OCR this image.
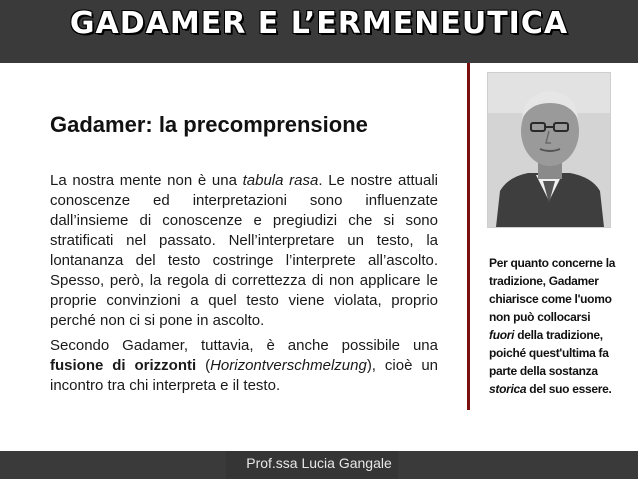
GADAMER E L’ERMENEUTICA
Gadamer: la precomprensione

La nostra mente non è una tabula rasa. Le nostre attuali conoscenze ed interpretazioni sono influenzate dall’insieme di conoscenze e pregiudizi che si sono stratificati nel passato. Nell’interpretare un testo, la lontananza del testo costringe l’interprete all’ascolto. Spesso, però, la regola di correttezza di non applicare le proprie convinzioni a quel testo viene violata, proprio perché non ci si pone in ascolto.

Secondo Gadamer, tuttavia, è anche possibile una fusione di orizzonti (Horizontverschmelzung), cioè un incontro tra chi interpreta e il testo.

Per quanto concerne la tradizione, Gadamer chiarisce come l'uomo non può collocarsi fuori della tradizione, poiché quest'ultima fa parte della sostanza storica del suo essere.
Prof.ssa Lucia Gangale
